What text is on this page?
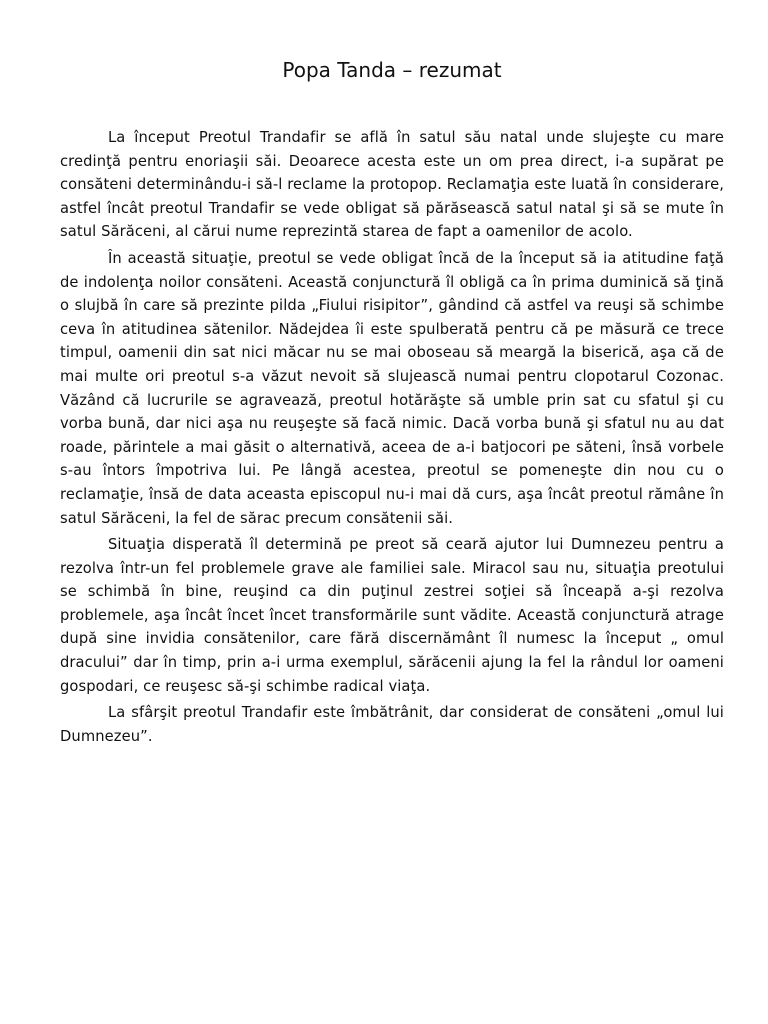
Popa Tanda – rezumat

La început Preotul Trandafir se află în satul său natal unde slujeşte cu mare credinţă pentru enoriaşii săi. Deoarece acesta este un om prea direct, i-a supărat pe consăteni determinându-i să-l reclame la protopop. Reclamaţia este luată în considerare, astfel încât preotul Trandafir se vede obligat să părăsească satul natal şi să se mute în satul Sărăceni, al cărui nume reprezintă starea de fapt a oamenilor de acolo.

În această situaţie, preotul se vede obligat încă de la început să ia atitudine faţă de indolenţa noilor consăteni. Această conjunctură îl obligă ca în prima duminică să ţină o slujbă în care să prezinte pilda „Fiului risipitor”, gândind că astfel va reuşi să schimbe ceva în atitudinea sătenilor. Nădejdea îi este spulberată pentru că pe măsură ce trece timpul, oamenii din sat nici măcar nu se mai oboseau să meargă la biserică, aşa că de mai multe ori preotul s-a văzut nevoit să slujească numai pentru clopotarul Cozonac. Văzând că lucrurile se agravează, preotul hotărăşte să umble prin sat cu sfatul şi cu vorba bună, dar nici aşa nu reuşeşte să facă nimic. Dacă vorba bună şi sfatul nu au dat roade, părintele a mai găsit o alternativă, aceea de a-i batjocori pe săteni, însă vorbele s-au întors împotriva lui. Pe lângă acestea, preotul se pomeneşte din nou cu o reclamaţie, însă de data aceasta episcopul nu-i mai dă curs, aşa încât preotul rămâne în satul Sărăceni, la fel de sărac precum consătenii săi.

Situaţia disperată îl determină pe preot să ceară ajutor lui Dumnezeu pentru a rezolva într-un fel problemele grave ale familiei sale. Miracol sau nu, situaţia preotului se schimbă în bine, reuşind ca din puţinul zestrei soţiei să înceapă a-şi rezolva problemele, aşa încât încet încet transformările sunt vădite. Această conjunctură atrage după sine invidia consătenilor, care fără discernământ îl numesc la început „ omul dracului” dar în timp, prin a-i urma exemplul, sărăcenii ajung la fel la rândul lor oameni gospodari, ce reuşesc să-şi schimbe radical viaţa.

La sfârşit preotul Trandafir este îmbătrânit, dar considerat de consăteni „omul lui Dumnezeu”.
